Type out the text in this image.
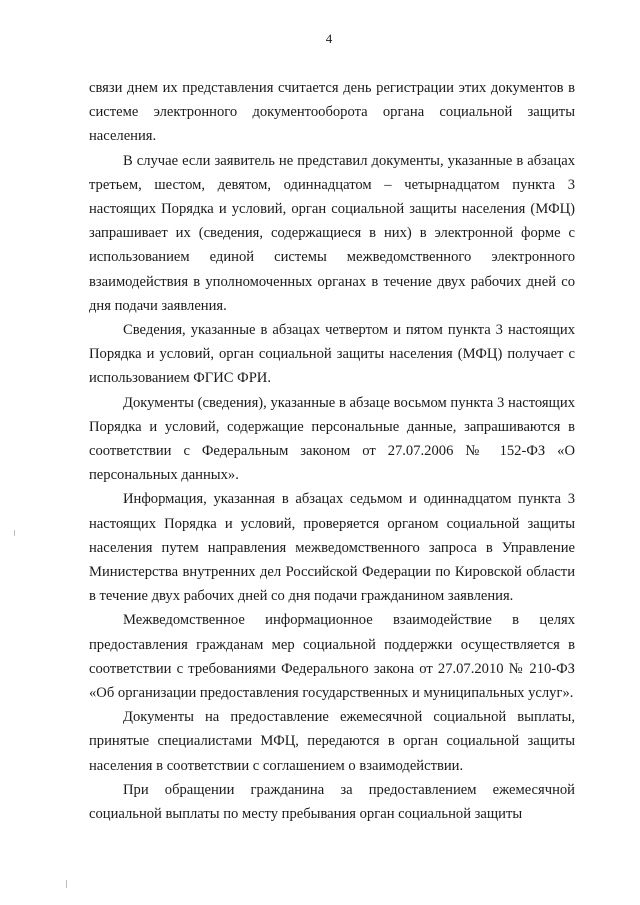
4

связи днем их представления считается день регистрации этих документов в системе электронного документооборота органа социальной защиты населения.

В случае если заявитель не представил документы, указанные в абзацах третьем, шестом, девятом, одиннадцатом – четырнадцатом пункта 3 настоящих Порядка и условий, орган социальной защиты населения (МФЦ) запрашивает их (сведения, содержащиеся в них) в электронной форме с использованием единой системы межведомственного электронного взаимодействия в уполномоченных органах в течение двух рабочих дней со дня подачи заявления.

Сведения, указанные в абзацах четвертом и пятом пункта 3 настоящих Порядка и условий, орган социальной защиты населения (МФЦ) получает с использованием ФГИС ФРИ.

Документы (сведения), указанные в абзаце восьмом пункта 3 настоящих Порядка и условий, содержащие персональные данные, запрашиваются в соответствии с Федеральным законом от 27.07.2006 № 152-ФЗ «О персональных данных».

Информация, указанная в абзацах седьмом и одиннадцатом пункта 3 настоящих Порядка и условий, проверяется органом социальной защиты населения путем направления межведомственного запроса в Управление Министерства внутренних дел Российской Федерации по Кировской области в течение двух рабочих дней со дня подачи гражданином заявления.

Межведомственное информационное взаимодействие в целях предоставления гражданам мер социальной поддержки осуществляется в соответствии с требованиями Федерального закона от 27.07.2010 № 210-ФЗ «Об организации предоставления государственных и муниципальных услуг».

Документы на предоставление ежемесячной социальной выплаты, принятые специалистами МФЦ, передаются в орган социальной защиты населения в соответствии с соглашением о взаимодействии.

При обращении гражданина за предоставлением ежемесячной социальной выплаты по месту пребывания орган социальной защиты
